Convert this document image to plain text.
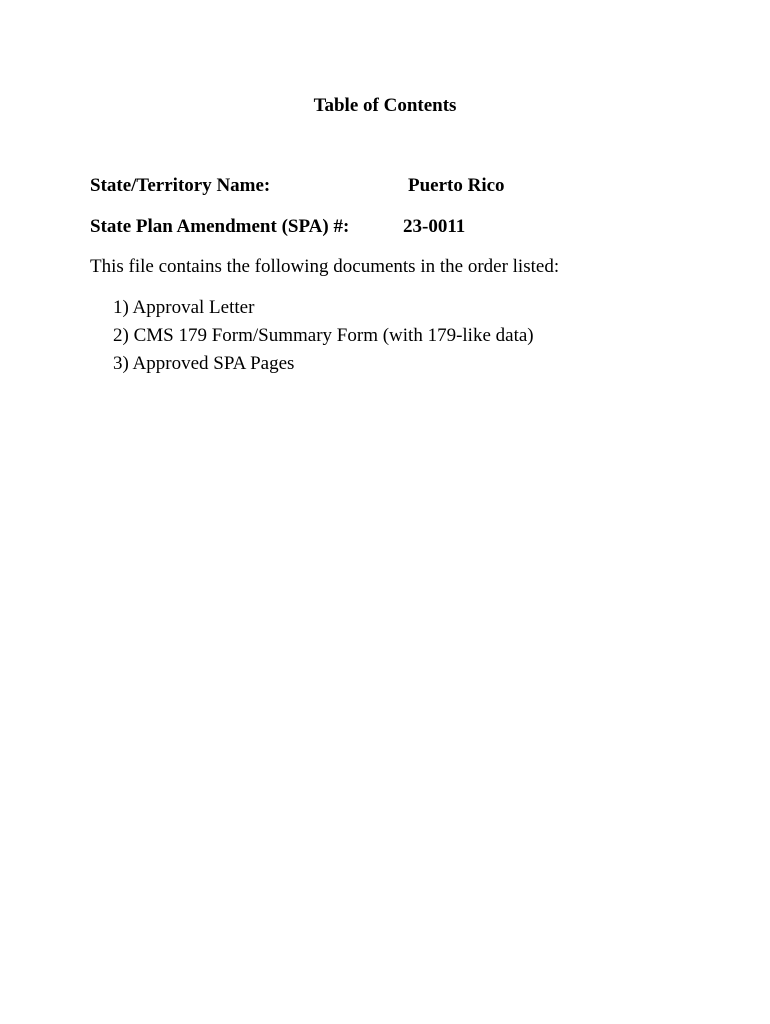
Table of Contents
State/Territory Name:	Puerto Rico
State Plan Amendment (SPA) #:	23-0011
This file contains the following documents in the order listed:
1) Approval Letter
2) CMS 179 Form/Summary Form (with 179-like data)
3) Approved SPA Pages
